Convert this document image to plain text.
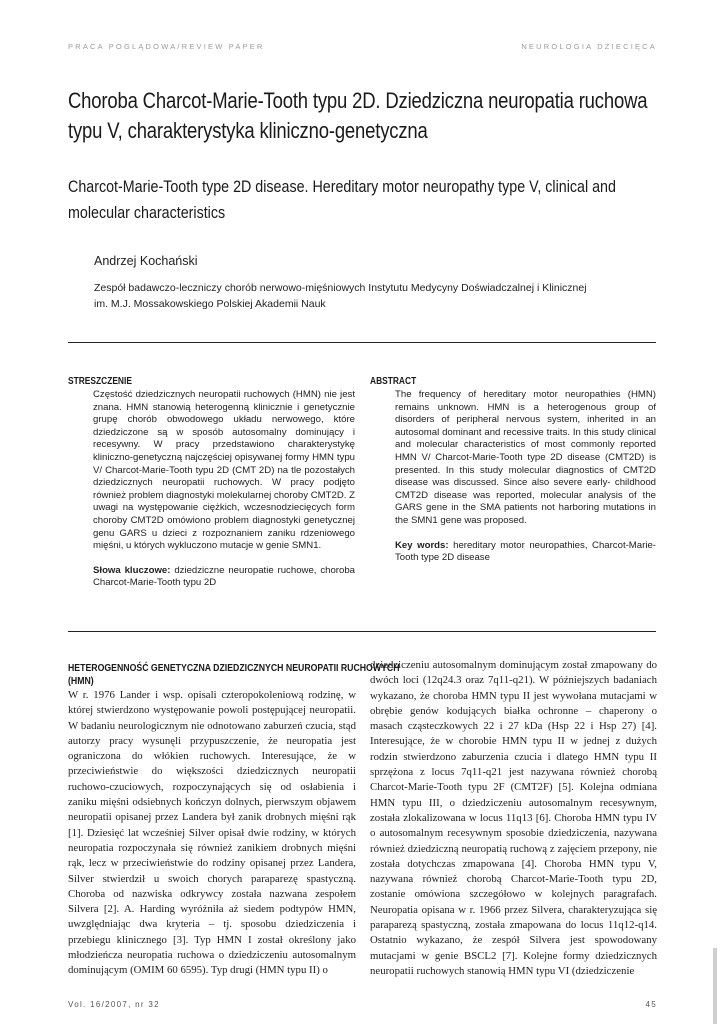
PRACA POGLĄDOWA/REVIEW PAPER	NEUROLOGIA DZIECIĘCA
Choroba Charcot-Marie-Tooth typu 2D. Dziedziczna neuropatia ruchowa
typu V, charakterystyka kliniczno-genetyczna
Charcot-Marie-Tooth type 2D disease. Hereditary motor neuropathy type V, clinical and
molecular characteristics
Andrzej Kochański
Zespół badawczo-leczniczy chorób nerwowo-mięśniowych Instytutu Medycyny Doświadczalnej i Klinicznej
im. M.J. Mossakowskiego Polskiej Akademii Nauk
STRESZCZENIE

Częstość dziedzicznych neuropatii ruchowych (HMN) nie jest znana. HMN stanowią heterogenną klinicznie i genetycznie grupę chorób obwodowego układu nerwowego, które dziedziczone są w sposób autosomalny dominujący i recesywny. W pracy przedstawiono charakterystykę kliniczno-genetyczną najczęściej opisywanej formy HMN typu V/ Charcot-Marie-Tooth typu 2D (CMT 2D) na tle pozostałych dziedzicznych neuropatii ruchowych. W pracy podjęto również problem diagnostyki molekularnej choroby CMT2D. Z uwagi na występowanie ciężkich, wczesnodziecięcych form choroby CMT2D omówiono problem diagnostyki genetycznej genu GARS u dzieci z rozpoznaniem zaniku rdzeniowego mięśni, u których wykluczono mutacje w genie SMN1.

Słowa kluczowe: dziedziczne neuropatie ruchowe, choroba Charcot-Marie-Tooth typu 2D

ABSTRACT

The frequency of hereditary motor neuropathies (HMN) remains unknown. HMN is a heterogenous group of disorders of peripheral nervous system, inherited in an autosomal dominant and recessive traits. In this study clinical and molecular characteristics of most commonly reported HMN V/ Charcot-Marie-Tooth type 2D disease (CMT2D) is presented. In this study molecular diagnostics of CMT2D disease was discussed. Since also severe early- childhood CMT2D disease was reported, molecular analysis of the GARS gene in the SMA patients not harboring mutations in the SMN1 gene was proposed.

Key words: hereditary motor neuropathies, Charcot-Marie-Tooth type 2D disease

HETEROGENNOŚĆ GENETYCZNA DZIEDZICZNYCH NEUROPATII RUCHOWYCH
(HMN)

W r. 1976 Lander i wsp. opisali czteropokoleniową rodzinę, w której stwierdzono występowanie powoli postępującej neuropatii. W badaniu neurologicznym nie odnotowano zaburzeń czucia, stąd autorzy pracy wysunęli przypuszczenie, że neuropatia jest ograniczona do włókien ruchowych. Interesujące, że w przeciwieństwie do większości dziedzicznych neuropatii ruchowo-czuciowych, rozpoczynających się od osłabienia i zaniku mięśni odsiebnych kończyn dolnych, pierwszym objawem neuropatii opisanej przez Landera był zanik drobnych mięśni rąk [1]. Dziesięć lat wcześniej Silver opisał dwie rodziny, w których neuropatia rozpoczynała się również zanikiem drobnych mięśni rąk, lecz w przeciwieństwie do rodziny opisanej przez Landera, Silver stwierdził u swoich chorych paraparezę spastyczną. Choroba od nazwiska odkrywcy została nazwana zespołem Silvera [2]. A. Harding wyróżniła aż siedem podtypów HMN, uwzględniając dwa kryteria – tj. sposobu dziedziczenia i przebiegu klinicznego [3]. Typ HMN I został określony jako młodzieńcza neuropatia ruchowa o dziedziczeniu autosomalnym dominującym (OMIM 60 6595). Typ drugi (HMN typu II) o

dziedziczeniu autosomalnym dominującym został zmapowany do dwóch loci (12q24.3 oraz 7q11-q21). W późniejszych badaniach wykazano, że choroba HMN typu II jest wywołana mutacjami w obrębie genów kodujących białka ochronne – chaperony o masach cząsteczkowych 22 i 27 kDa (Hsp 22 i Hsp 27) [4]. Interesujące, że w chorobie HMN typu II w jednej z dużych rodzin stwierdzono zaburzenia czucia i dlatego HMN typu II sprzężona z locus 7q11-q21 jest nazywana również chorobą Charcot-Marie-Tooth typu 2F (CMT2F) [5]. Kolejna odmiana HMN typu III, o dziedziczeniu autosomalnym recesywnym, została zlokalizowana w locus 11q13 [6]. Choroba HMN typu IV o autosomalnym recesywnym sposobie dziedziczenia, nazywana również dziedziczną neuropatią ruchową z zajęciem przepony, nie została dotychczas zmapowana [4]. Choroba HMN typu V, nazywana również chorobą Charcot-Marie-Tooth typu 2D, zostanie omówiona szczegółowo w kolejnych paragrafach. Neuropatia opisana w r. 1966 przez Silvera, charakteryzująca się paraparezą spastyczną, została zmapowana do locus 11q12-q14. Ostatnio wykazano, że zespół Silvera jest spowodowany mutacjami w genie BSCL2 [7]. Kolejne formy dziedzicznych neuropatii ruchowych stanowią HMN typu VI (dziedziczenie

Vol. 16/2007, nr 32	45
